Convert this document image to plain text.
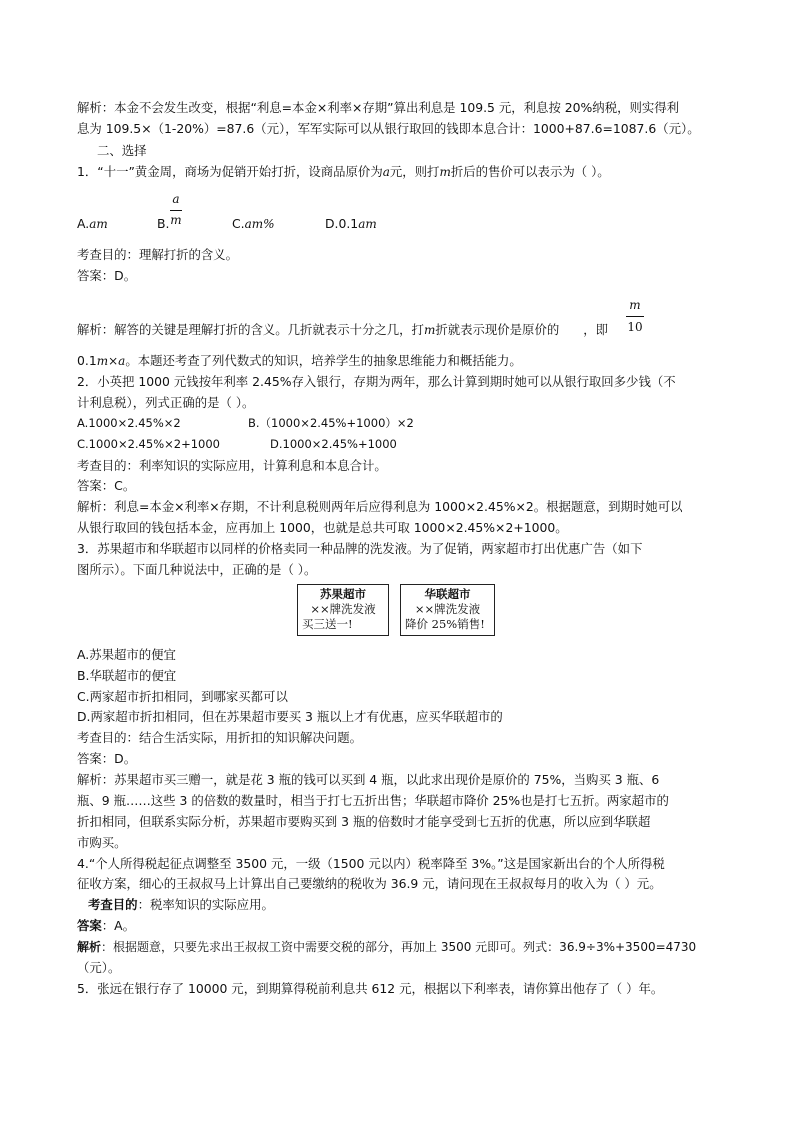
解析：本金不会发生改变，根据“利息=本金×利率×存期”算出利息是 109.5 元，利息按 20%纳税，则实得利
息为 109.5×（1-20%）=87.6（元），军军实际可以从银行取回的钱即本息合计：1000+87.6=1087.6（元）。
二、选择
1．“十一”黄金周，商场为促销开始打折，设商品原价为a元，则打m折后的售价可以表示为（ ）。
A.am	B.
a
m	C.am%	D.0.1am
考查目的：理解打折的含义。
答案：D。
解析：解答的关键是理解打折的含义。几折就表示十分之几，打m折就表示现价是原价的 ，即
m
10
0.1m×a。本题还考查了列代数式的知识，培养学生的抽象思维能力和概括能力。
2．小英把 1000 元钱按年利率 2.45%存入银行，存期为两年，那么计算到期时她可以从银行取回多少钱（不
计利息税），列式正确的是（ ）。
A.1000×2.45%×2	B.（1000×2.45%+1000）×2
C.1000×2.45%×2+1000	D.1000×2.45%+1000
考查目的：利率知识的实际应用，计算利息和本息合计。
答案：C。
解析：利息=本金×利率×存期，不计利息税则两年后应得利息为 1000×2.45%×2。根据题意，到期时她可以
从银行取回的钱包括本金，应再加上 1000，也就是总共可取 1000×2.45%×2+1000。
3．苏果超市和华联超市以同样的价格卖同一种品牌的洗发液。为了促销，两家超市打出优惠广告（如下
图所示）。下面几种说法中，正确的是（ ）。
苏果超市
××牌洗发液
买三送一!
华联超市
××牌洗发液
降价 25%销售!
A.苏果超市的便宜
B.华联超市的便宜
C.两家超市折扣相同，到哪家买都可以
D.两家超市折扣相同，但在苏果超市要买 3 瓶以上才有优惠，应买华联超市的
考查目的：结合生活实际，用折扣的知识解决问题。
答案：D。
解析：苏果超市买三赠一，就是花 3 瓶的钱可以买到 4 瓶，以此求出现价是原价的 75%，当购买 3 瓶、6
瓶、9 瓶……这些 3 的倍数的数量时，相当于打七五折出售；华联超市降价 25%也是打七五折。两家超市的
折扣相同，但联系实际分析，苏果超市要购买到 3 瓶的倍数时才能享受到七五折的优惠，所以应到华联超
市购买。
4.“个人所得税起征点调整至 3500 元，一级（1500 元以内）税率降至 3%。”这是国家新出台的个人所得税
征收方案，细心的王叔叔马上计算出自己要缴纳的税收为 36.9 元，请问现在王叔叔每月的收入为（ ）元。
考查目的：税率知识的实际应用。
答案：A。
解析：根据题意，只要先求出王叔叔工资中需要交税的部分，再加上 3500 元即可。列式：36.9÷3%+3500=4730
（元）。
5．张远在银行存了 10000 元，到期算得税前利息共 612 元，根据以下利率表，请你算出他存了（ ）年。
